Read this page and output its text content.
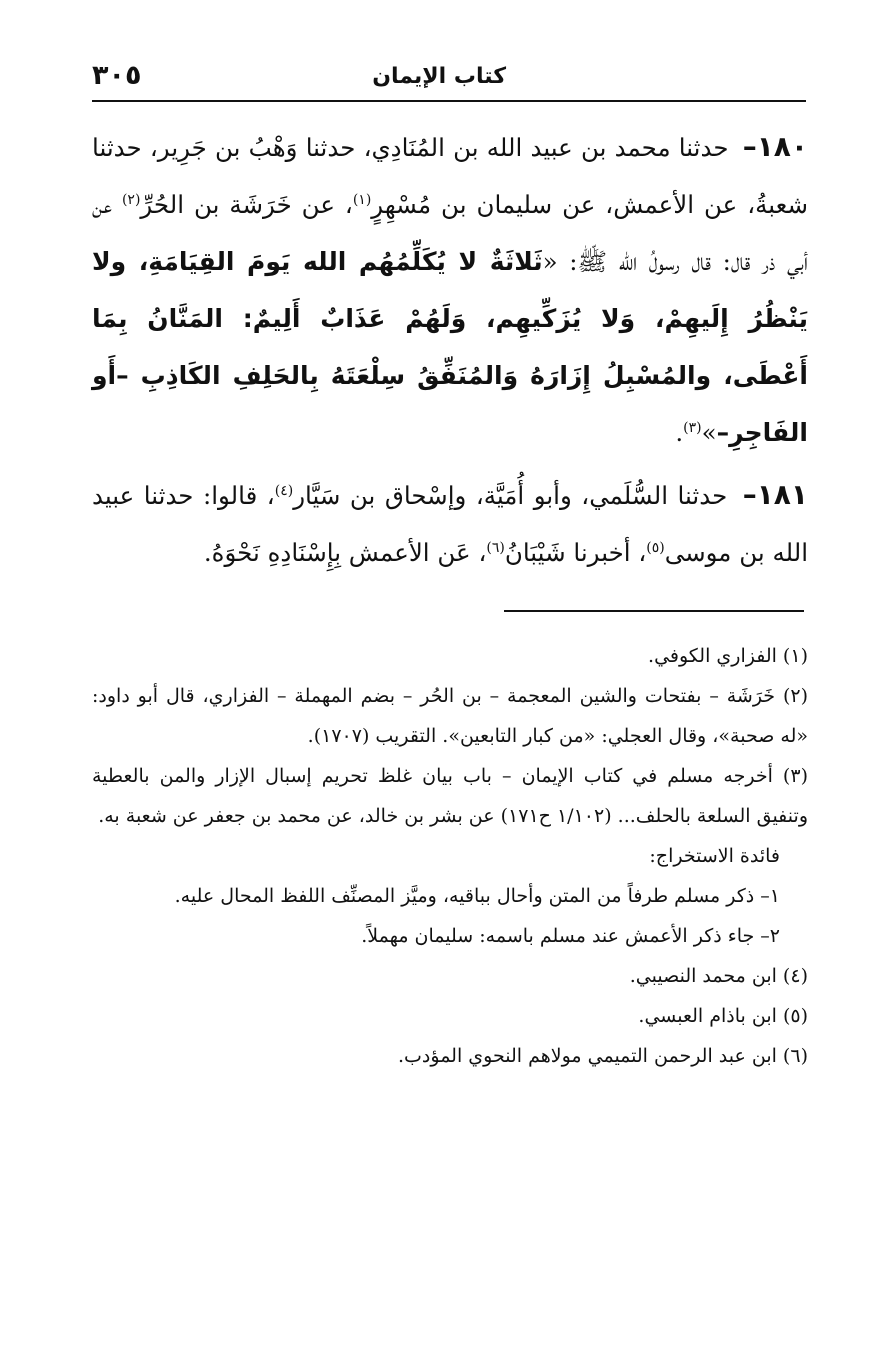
كتاب الإيمان
٣٠٥
١٨٠– حدثنا محمد بن عبيد الله بن المُنَادِي، حدثنا وَهْبُ بن جَرِير، حدثنا شعبةُ، عن الأعمش، عن سليمان بن مُسْهِرٍ$^{(١)}$، عن خَرَشَة بن الحُرِّ$^{(٢)}$ عن أبي ذر قال: قال رسولُ الله ﷺ: «ثَلاثَةٌ لا يُكَلِّمُهُم الله يَومَ القِيَامَةِ، ولا يَنْظُرُ إِلَيهِمْ، وَلا يُزَكِّيهِم، وَلَهُمْ عَذَابٌ أَلِيمٌ: المَنَّانُ بِمَا أَعْطَى، والمُسْبِلُ إِزَارَهُ وَالمُنَفِّقُ سِلْعَتَهُ بِالحَلِفِ الكَاذِبِ –أَو الفَاجِرِ–»$^{(٣)}$.
١٨١– حدثنا السُّلَمي، وأبو أُمَيَّة، وإسْحاق بن سَيَّار$^{(٤)}$، قالوا: حدثنا عبيد الله بن موسى$^{(٥)}$، أخبرنا شَيْبَانُ$^{(٦)}$، عَن الأعمش بِإِسْنَادِهِ نَحْوَهُ.

(١) الفزاري الكوفي.

(٢) خَرَشَة – بفتحات والشين المعجمة – بن الحُر – بضم المهملة – الفزاري، قال أبو داود: «له صحبة»، وقال العجلي: «من كبار التابعين». التقريب (١٧٠٧).

(٣) أخرجه مسلم في كتاب الإيمان – باب بيان غلظ تحريم إسبال الإزار والمن بالعطية وتنفيق السلعة بالحلف... (١/١٠٢ ح١٧١) عن بشر بن خالد، عن محمد بن جعفر عن شعبة به.

فائدة الاستخراج:

١– ذكر مسلم طرفاً من المتن وأحال بباقيه، وميَّز المصنِّف اللفظ المحال عليه.

٢– جاء ذكر الأعمش عند مسلم باسمه: سليمان مهملاً.

(٤) ابن محمد النصيبي.

(٥) ابن باذام العبسي.

(٦) ابن عبد الرحمن التميمي مولاهم النحوي المؤدب.
